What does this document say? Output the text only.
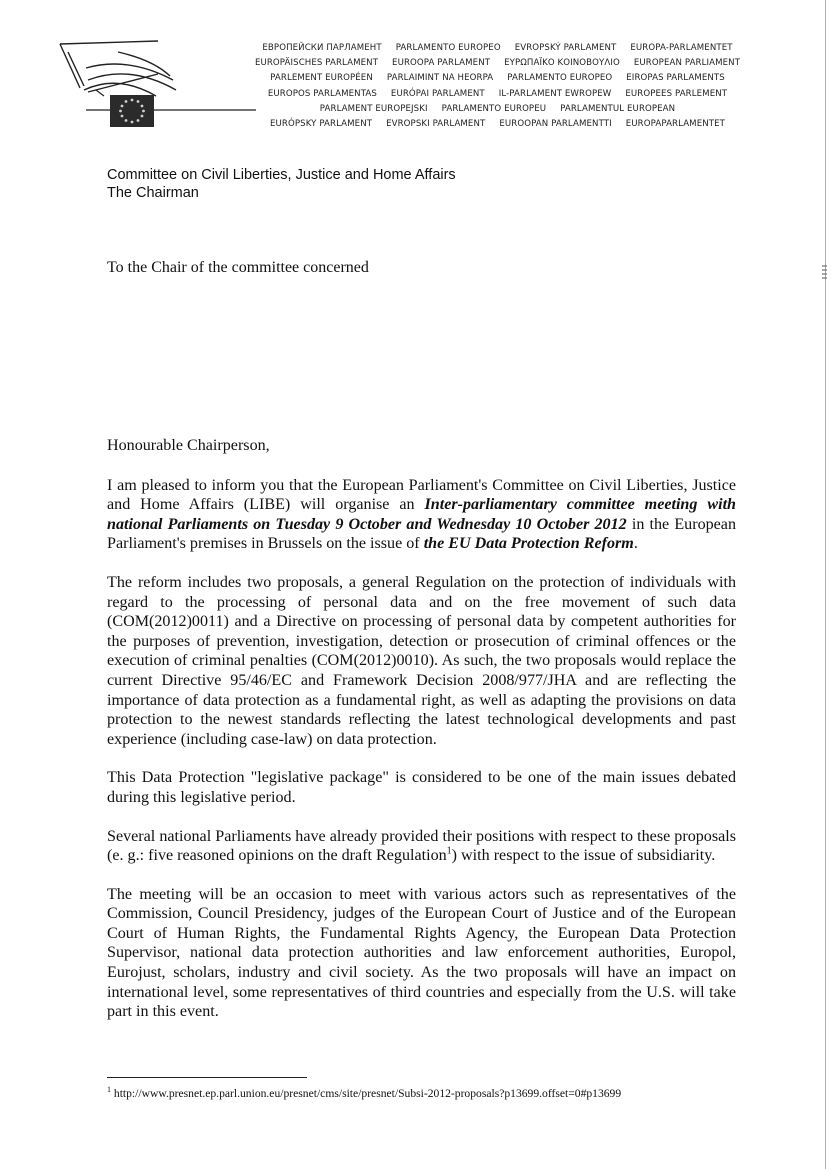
ЕВРОПЕЙСКИ ПАРЛАМЕНТ PARLAMENTO EUROPEO EVROPSKÝ PARLAMENT EUROPA-PARLAMENTET
EUROPÄISCHES PARLAMENT EUROOPA PARLAMENT ΕΥΡΩΠΑΪΚΟ ΚΟΙΝΟΒΟΥΛΙΟ EUROPEAN PARLIAMENT
PARLEMENT EUROPÉEN PARLAIMINT NA HEORPA PARLAMENTO EUROPEO EIROPAS PARLAMENTS
EUROPOS PARLAMENTAS EURÓPAI PARLAMENT IL-PARLAMENT EWROPEW EUROPEES PARLEMENT
PARLAMENT EUROPEJSKI PARLAMENTO EUROPEU PARLAMENTUL EUROPEAN
EURÓPSKY PARLAMENT EVROPSKI PARLAMENT EUROOPAN PARLAMENTTI EUROPAPARLAMENTET
Committee on Civil Liberties, Justice and Home Affairs
The Chairman
To the Chair of the committee concerned

Honourable Chairperson,

I am pleased to inform you that the European Parliament's Committee on Civil Liberties, Justice and Home Affairs (LIBE) will organise an Inter-parliamentary committee meeting with national Parliaments on Tuesday 9 October and Wednesday 10 October 2012 in the European Parliament's premises in Brussels on the issue of the EU Data Protection Reform.

The reform includes two proposals, a general Regulation on the protection of individuals with regard to the processing of personal data and on the free movement of such data (COM(2012)0011) and a Directive on processing of personal data by competent authorities for the purposes of prevention, investigation, detection or prosecution of criminal offences or the execution of criminal penalties (COM(2012)0010). As such, the two proposals would replace the current Directive 95/46/EC and Framework Decision 2008/977/JHA and are reflecting the importance of data protection as a fundamental right, as well as adapting the provisions on data protection to the newest standards reflecting the latest technological developments and past experience (including case-law) on data protection.

This Data Protection "legislative package" is considered to be one of the main issues debated during this legislative period.

Several national Parliaments have already provided their positions with respect to these proposals (e. g.: five reasoned opinions on the draft Regulation$^1$) with respect to the issue of subsidiarity.

The meeting will be an occasion to meet with various actors such as representatives of the Commission, Council Presidency, judges of the European Court of Justice and of the European Court of Human Rights, the Fundamental Rights Agency, the European Data Protection Supervisor, national data protection authorities and law enforcement authorities, Europol, Eurojust, scholars, industry and civil society. As the two proposals will have an impact on international level, some representatives of third countries and especially from the U.S. will take part in this event.

$^1$ http://www.presnet.ep.parl.union.eu/presnet/cms/site/presnet/Subsi-2012-proposals?p13699.offset=0#p13699
